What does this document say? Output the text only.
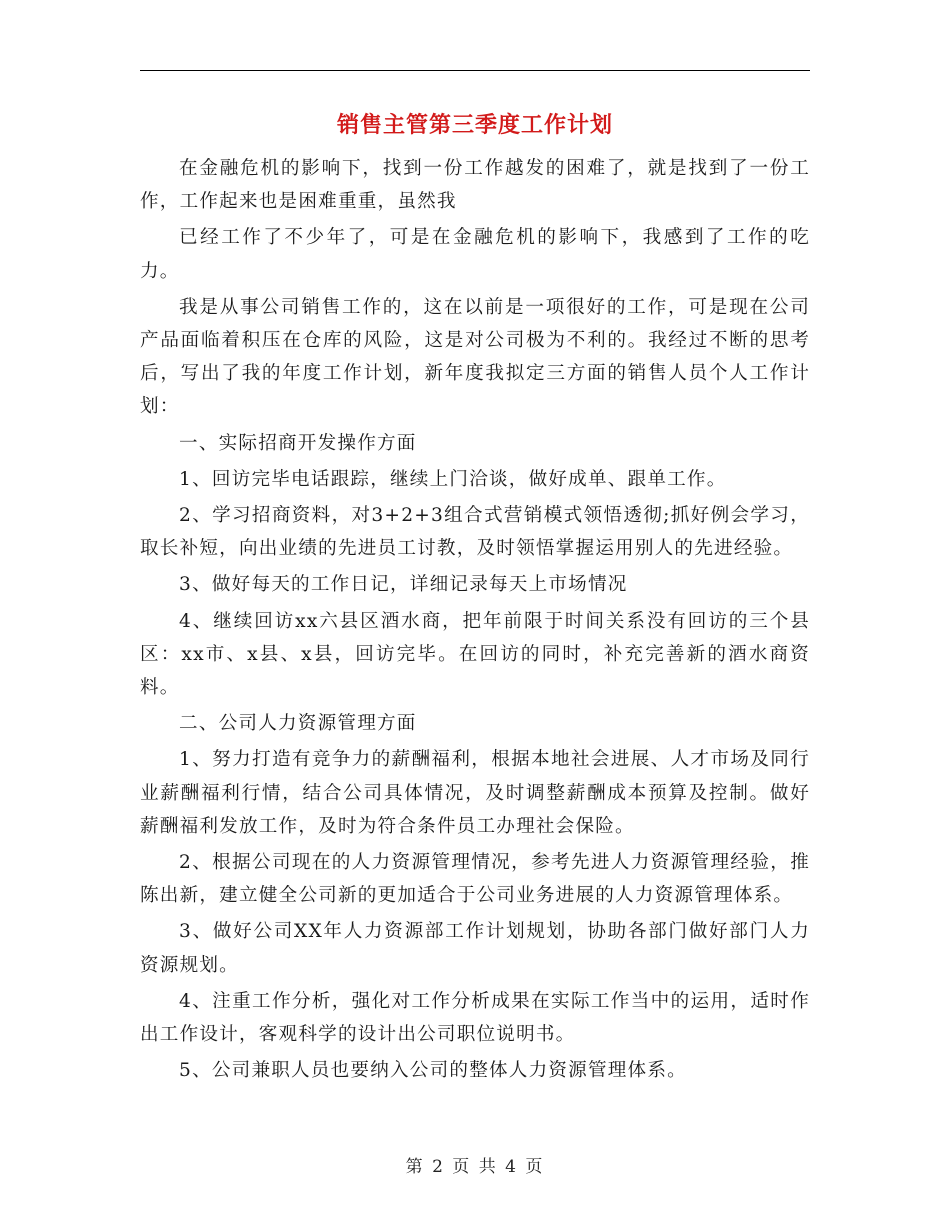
销售主管第三季度工作计划

在金融危机的影响下，找到一份工作越发的困难了，就是找到了一份工作，工作起来也是困难重重，虽然我

已经工作了不少年了，可是在金融危机的影响下，我感到了工作的吃力。

我是从事公司销售工作的，这在以前是一项很好的工作，可是现在公司产品面临着积压在仓库的风险，这是对公司极为不利的。我经过不断的思考后，写出了我的年度工作计划，新年度我拟定三方面的销售人员个人工作计划：

一、实际招商开发操作方面

1、回访完毕电话跟踪，继续上门洽谈，做好成单、跟单工作。

2、学习招商资料，对3+2+3组合式营销模式领悟透彻;抓好例会学习，取长补短，向出业绩的先进员工讨教，及时领悟掌握运用别人的先进经验。

3、做好每天的工作日记，详细记录每天上市场情况

4、继续回访xx六县区酒水商，把年前限于时间关系没有回访的三个县区：xx市、x县、x县，回访完毕。在回访的同时，补充完善新的酒水商资料。

二、公司人力资源管理方面

1、努力打造有竞争力的薪酬福利，根据本地社会进展、人才市场及同行业薪酬福利行情，结合公司具体情况，及时调整薪酬成本预算及控制。做好薪酬福利发放工作，及时为符合条件员工办理社会保险。

2、根据公司现在的人力资源管理情况，参考先进人力资源管理经验，推陈出新，建立健全公司新的更加适合于公司业务进展的人力资源管理体系。

3、做好公司XX年人力资源部工作计划规划，协助各部门做好部门人力资源规划。

4、注重工作分析，强化对工作分析成果在实际工作当中的运用，适时作出工作设计，客观科学的设计出公司职位说明书。

5、公司兼职人员也要纳入公司的整体人力资源管理体系。

第 2 页 共 4 页
